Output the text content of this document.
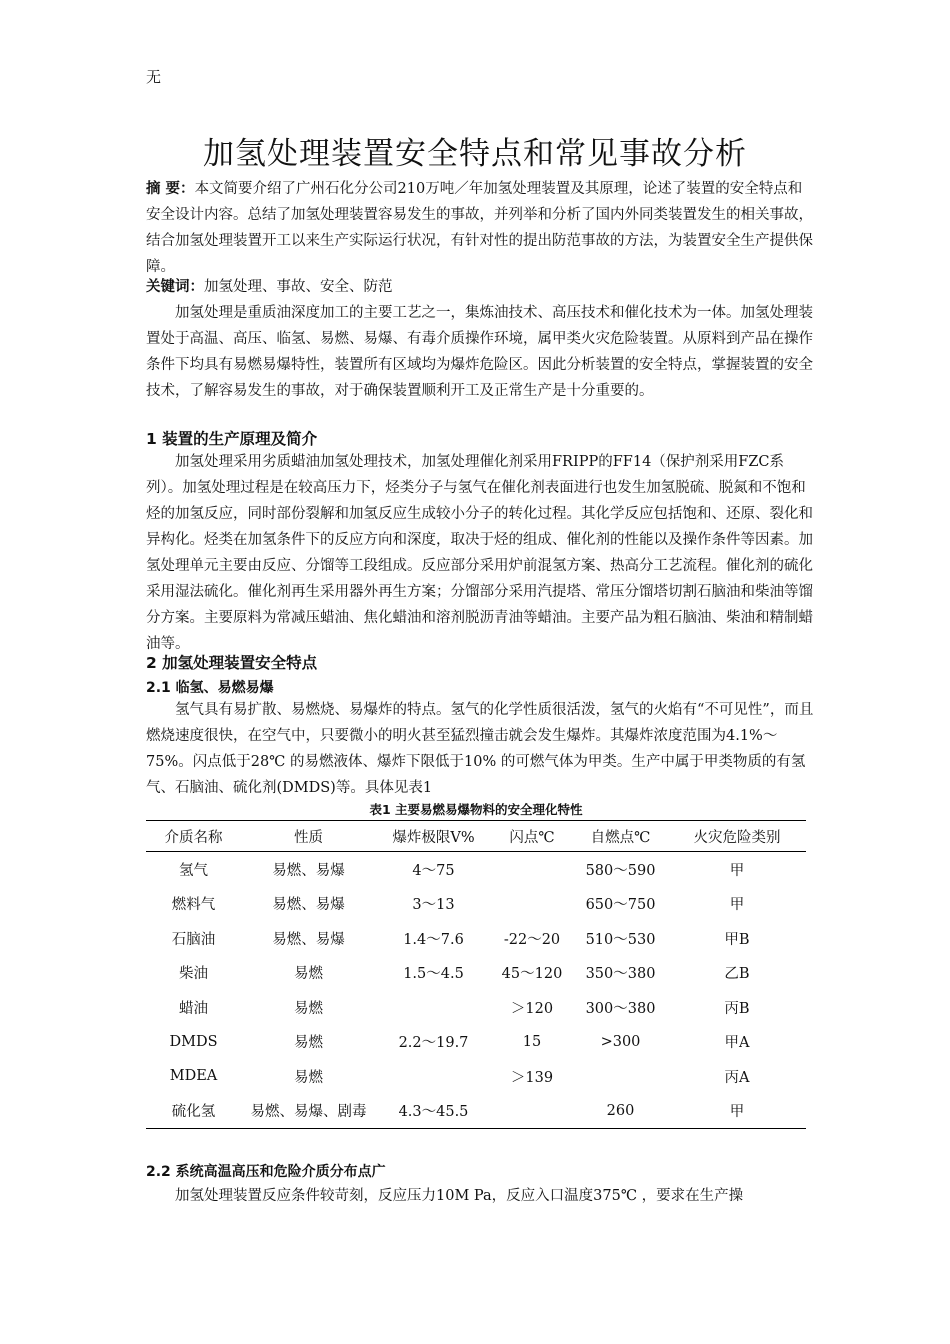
无
加氢处理装置安全特点和常见事故分析
摘 要：本文简要介绍了广州石化分公司210万吨／年加氢处理装置及其原理，论述了装置的安全特点和安全设计内容。总结了加氢处理装置容易发生的事故，并列举和分析了国内外同类装置发生的相关事故，结合加氢处理装置开工以来生产实际运行状况，有针对性的提出防范事故的方法，为装置安全生产提供保障。
关键词：加氢处理、事故、安全、防范
加氢处理是重质油深度加工的主要工艺之一，集炼油技术、高压技术和催化技术为一体。加氢处理装置处于高温、高压、临氢、易燃、易爆、有毒介质操作环境，属甲类火灾危险装置。从原料到产品在操作条件下均具有易燃易爆特性，装置所有区域均为爆炸危险区。因此分析装置的安全特点，掌握装置的安全技术，了解容易发生的事故，对于确保装置顺利开工及正常生产是十分重要的。
1 装置的生产原理及简介
加氢处理采用劣质蜡油加氢处理技术，加氢处理催化剂采用FRIPP的FF14（保护剂采用FZC系列）。加氢处理过程是在较高压力下，烃类分子与氢气在催化剂表面进行也发生加氢脱硫、脱氮和不饱和烃的加氢反应，同时部份裂解和加氢反应生成较小分子的转化过程。其化学反应包括饱和、还原、裂化和异构化。烃类在加氢条件下的反应方向和深度，取决于烃的组成、催化剂的性能以及操作条件等因素。加氢处理单元主要由反应、分馏等工段组成。反应部分采用炉前混氢方案、热高分工艺流程。催化剂的硫化采用湿法硫化。催化剂再生采用器外再生方案；分馏部分采用汽提塔、常压分馏塔切割石脑油和柴油等馏分方案。主要原料为常减压蜡油、焦化蜡油和溶剂脱沥青油等蜡油。主要产品为粗石脑油、柴油和精制蜡油等。
2 加氢处理装置安全特点
2.1 临氢、易燃易爆
氢气具有易扩散、易燃烧、易爆炸的特点。氢气的化学性质很活泼，氢气的火焰有“不可见性”，而且燃烧速度很快，在空气中，只要微小的明火甚至猛烈撞击就会发生爆炸。其爆炸浓度范围为4.1%～75%。闪点低于28℃ 的易燃液体、爆炸下限低于10% 的可燃气体为甲类。生产中属于甲类物质的有氢气、石脑油、硫化剂(DMDS)等。具体见表1
表1 主要易燃易爆物料的安全理化特性
介质名称	性质	爆炸极限V%	闪点℃	自燃点℃	火灾危险类别
氢气	易燃、易爆	4～75		580～590	甲
燃料气	易燃、易爆	3～13		650～750	甲
石脑油	易燃、易爆	1.4～7.6	-22～20	510～530	甲B
柴油	易燃	1.5～4.5	45～120	350～380	乙B
蜡油	易燃		＞120	300～380	丙B
DMDS	易燃	2.2～19.7	15	>300	甲A
MDEA	易燃		＞139		丙A
硫化氢	易燃、易爆、剧毒	4.3～45.5		260	甲
2.2 系统高温高压和危险介质分布点广
加氢处理装置反应条件较苛刻，反应压力10M Pa，反应入口温度375℃ ，要求在生产操
